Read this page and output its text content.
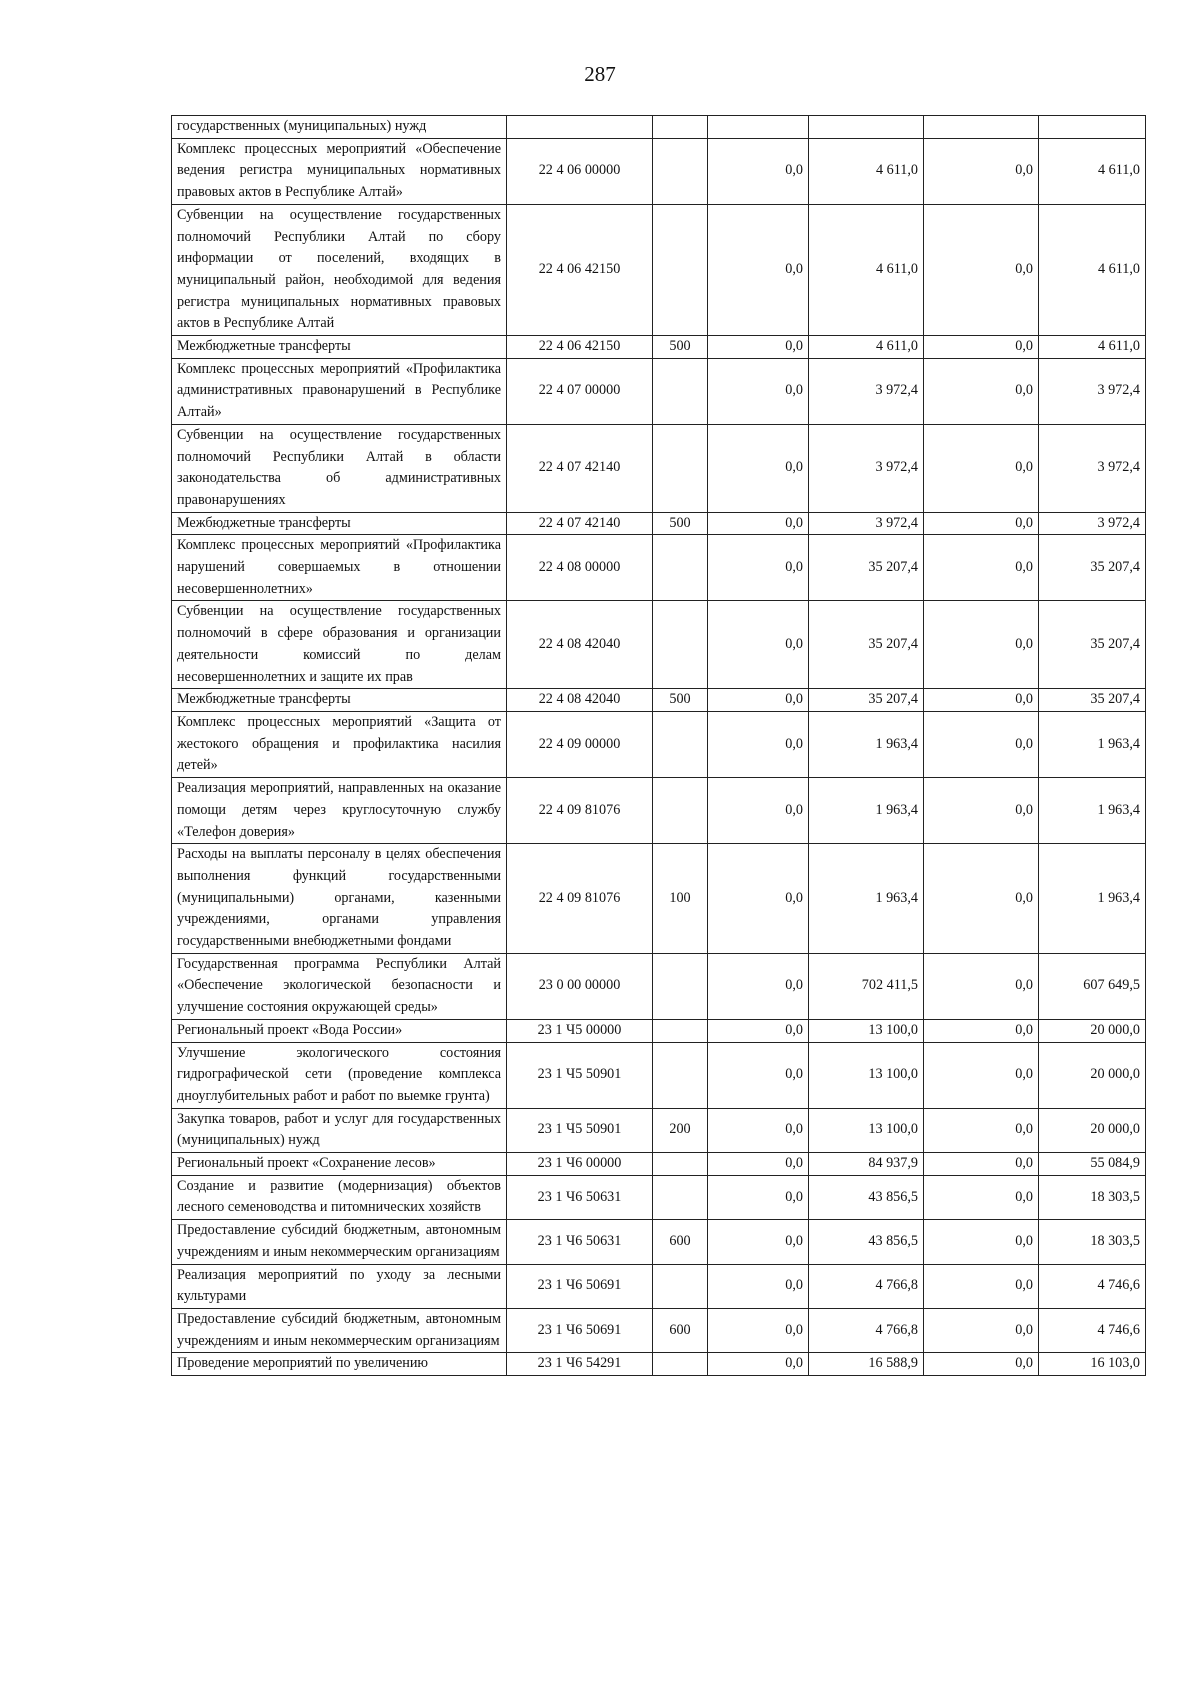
287
государственных (муниципальных) нужд						
Комплекс процессных мероприятий «Обеспечение ведения регистра муниципальных нормативных правовых актов в Республике Алтай»	22 4 06 00000		0,0	4 611,0	0,0	4 611,0
Субвенции на осуществление государственных полномочий Республики Алтай по сбору информации от поселений, входящих в муниципальный район, необходимой для ведения регистра муниципальных нормативных правовых актов в Республике Алтай	22 4 06 42150		0,0	4 611,0	0,0	4 611,0
Межбюджетные трансферты	22 4 06 42150	500	0,0	4 611,0	0,0	4 611,0
Комплекс процессных мероприятий «Профилактика административных правонарушений в Республике Алтай»	22 4 07 00000		0,0	3 972,4	0,0	3 972,4
Субвенции на осуществление государственных полномочий Республики Алтай в области законодательства об административных правонарушениях	22 4 07 42140		0,0	3 972,4	0,0	3 972,4
Межбюджетные трансферты	22 4 07 42140	500	0,0	3 972,4	0,0	3 972,4
Комплекс процессных мероприятий «Профилактика нарушений совершаемых в отношении несовершеннолетних»	22 4 08 00000		0,0	35 207,4	0,0	35 207,4
Субвенции на осуществление государственных полномочий в сфере образования и организации деятельности комиссий по делам несовершеннолетних и защите их прав	22 4 08 42040		0,0	35 207,4	0,0	35 207,4
Межбюджетные трансферты	22 4 08 42040	500	0,0	35 207,4	0,0	35 207,4
Комплекс процессных мероприятий «Защита от жестокого обращения и профилактика насилия детей»	22 4 09 00000		0,0	1 963,4	0,0	1 963,4
Реализация мероприятий, направленных на оказание помощи детям через круглосуточную службу «Телефон доверия»	22 4 09 81076		0,0	1 963,4	0,0	1 963,4
Расходы на выплаты персоналу в целях обеспечения выполнения функций государственными (муниципальными) органами, казенными учреждениями, органами управления государственными внебюджетными фондами	22 4 09 81076	100	0,0	1 963,4	0,0	1 963,4
Государственная программа Республики Алтай «Обеспечение экологической безопасности и улучшение состояния окружающей среды»	23 0 00 00000		0,0	702 411,5	0,0	607 649,5
Региональный проект «Вода России»	23 1 Ч5 00000		0,0	13 100,0	0,0	20 000,0
Улучшение экологического состояния гидрографической сети (проведение комплекса дноуглубительных работ и работ по выемке грунта)	23 1 Ч5 50901		0,0	13 100,0	0,0	20 000,0
Закупка товаров, работ и услуг для государственных (муниципальных) нужд	23 1 Ч5 50901	200	0,0	13 100,0	0,0	20 000,0
Региональный проект «Сохранение лесов»	23 1 Ч6 00000		0,0	84 937,9	0,0	55 084,9
Создание и развитие (модернизация) объектов лесного семеноводства и питомнических хозяйств	23 1 Ч6 50631		0,0	43 856,5	0,0	18 303,5
Предоставление субсидий бюджетным, автономным учреждениям и иным некоммерческим организациям	23 1 Ч6 50631	600	0,0	43 856,5	0,0	18 303,5
Реализация мероприятий по уходу за лесными культурами	23 1 Ч6 50691		0,0	4 766,8	0,0	4 746,6
Предоставление субсидий бюджетным, автономным учреждениям и иным некоммерческим организациям	23 1 Ч6 50691	600	0,0	4 766,8	0,0	4 746,6
Проведение мероприятий по увеличению	23 1 Ч6 54291		0,0	16 588,9	0,0	16 103,0
